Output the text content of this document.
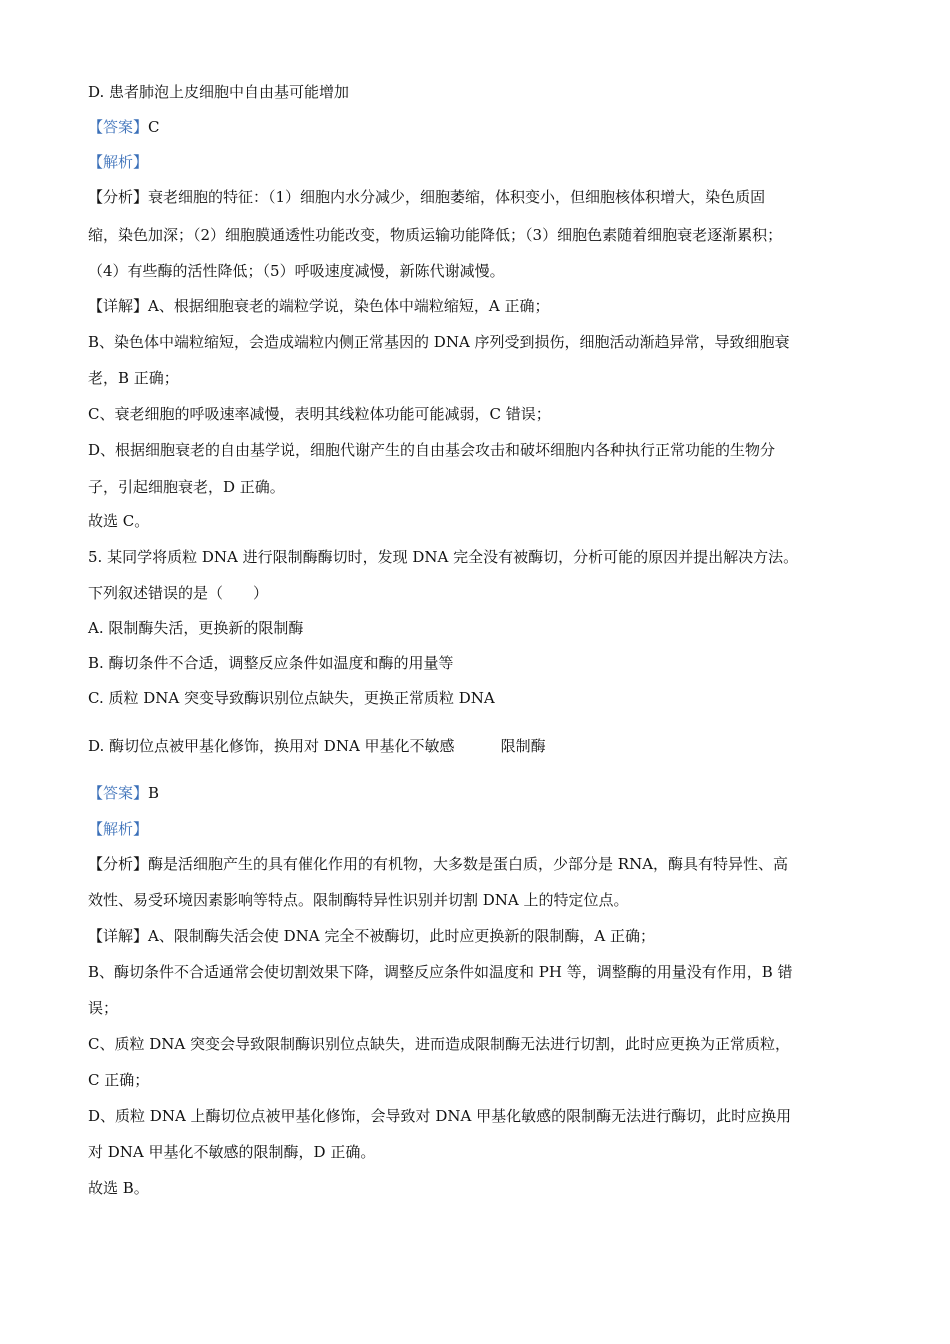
D. 患者肺泡上皮细胞中自由基可能增加
【答案】C
【解析】
【分析】衰老细胞的特征：（1）细胞内水分减少，细胞萎缩，体积变小，但细胞核体积增大，染色质固
缩，染色加深；（2）细胞膜通透性功能改变，物质运输功能降低；（3）细胞色素随着细胞衰老逐渐累积；
（4）有些酶的活性降低；（5）呼吸速度减慢，新陈代谢减慢。
【详解】A、根据细胞衰老的端粒学说，染色体中端粒缩短，A 正确；
B、染色体中端粒缩短，会造成端粒内侧正常基因的 DNA 序列受到损伤，细胞活动渐趋异常，导致细胞衰
老，B 正确；
C、衰老细胞的呼吸速率减慢，表明其线粒体功能可能减弱，C 错误；
D、根据细胞衰老的自由基学说，细胞代谢产生的自由基会攻击和破坏细胞内各种执行正常功能的生物分
子，引起细胞衰老，D 正确。
故选 C。
5. 某同学将质粒 DNA 进行限制酶酶切时，发现 DNA 完全没有被酶切，分析可能的原因并提出解决方法。
下列叙述错误的是（　　）
A. 限制酶失活，更换新的限制酶
B. 酶切条件不合适，调整反应条件如温度和酶的用量等
C. 质粒 DNA 突变导致酶识别位点缺失，更换正常质粒 DNA
D. 酶切位点被甲基化修饰，换用对 DNA 甲基化不敏感	限制酶
【答案】B
【解析】
【分析】酶是活细胞产生的具有催化作用的有机物，大多数是蛋白质，少部分是 RNA，酶具有特异性、高
效性、易受环境因素影响等特点。限制酶特异性识别并切割 DNA 上的特定位点。
【详解】A、限制酶失活会使 DNA 完全不被酶切，此时应更换新的限制酶，A 正确；
B、酶切条件不合适通常会使切割效果下降，调整反应条件如温度和 PH 等，调整酶的用量没有作用，B 错
误；
C、质粒 DNA 突变会导致限制酶识别位点缺失，进而造成限制酶无法进行切割，此时应更换为正常质粒，
C 正确；
D、质粒 DNA 上酶切位点被甲基化修饰，会导致对 DNA 甲基化敏感的限制酶无法进行酶切，此时应换用
对 DNA 甲基化不敏感的限制酶，D 正确。
故选 B。
